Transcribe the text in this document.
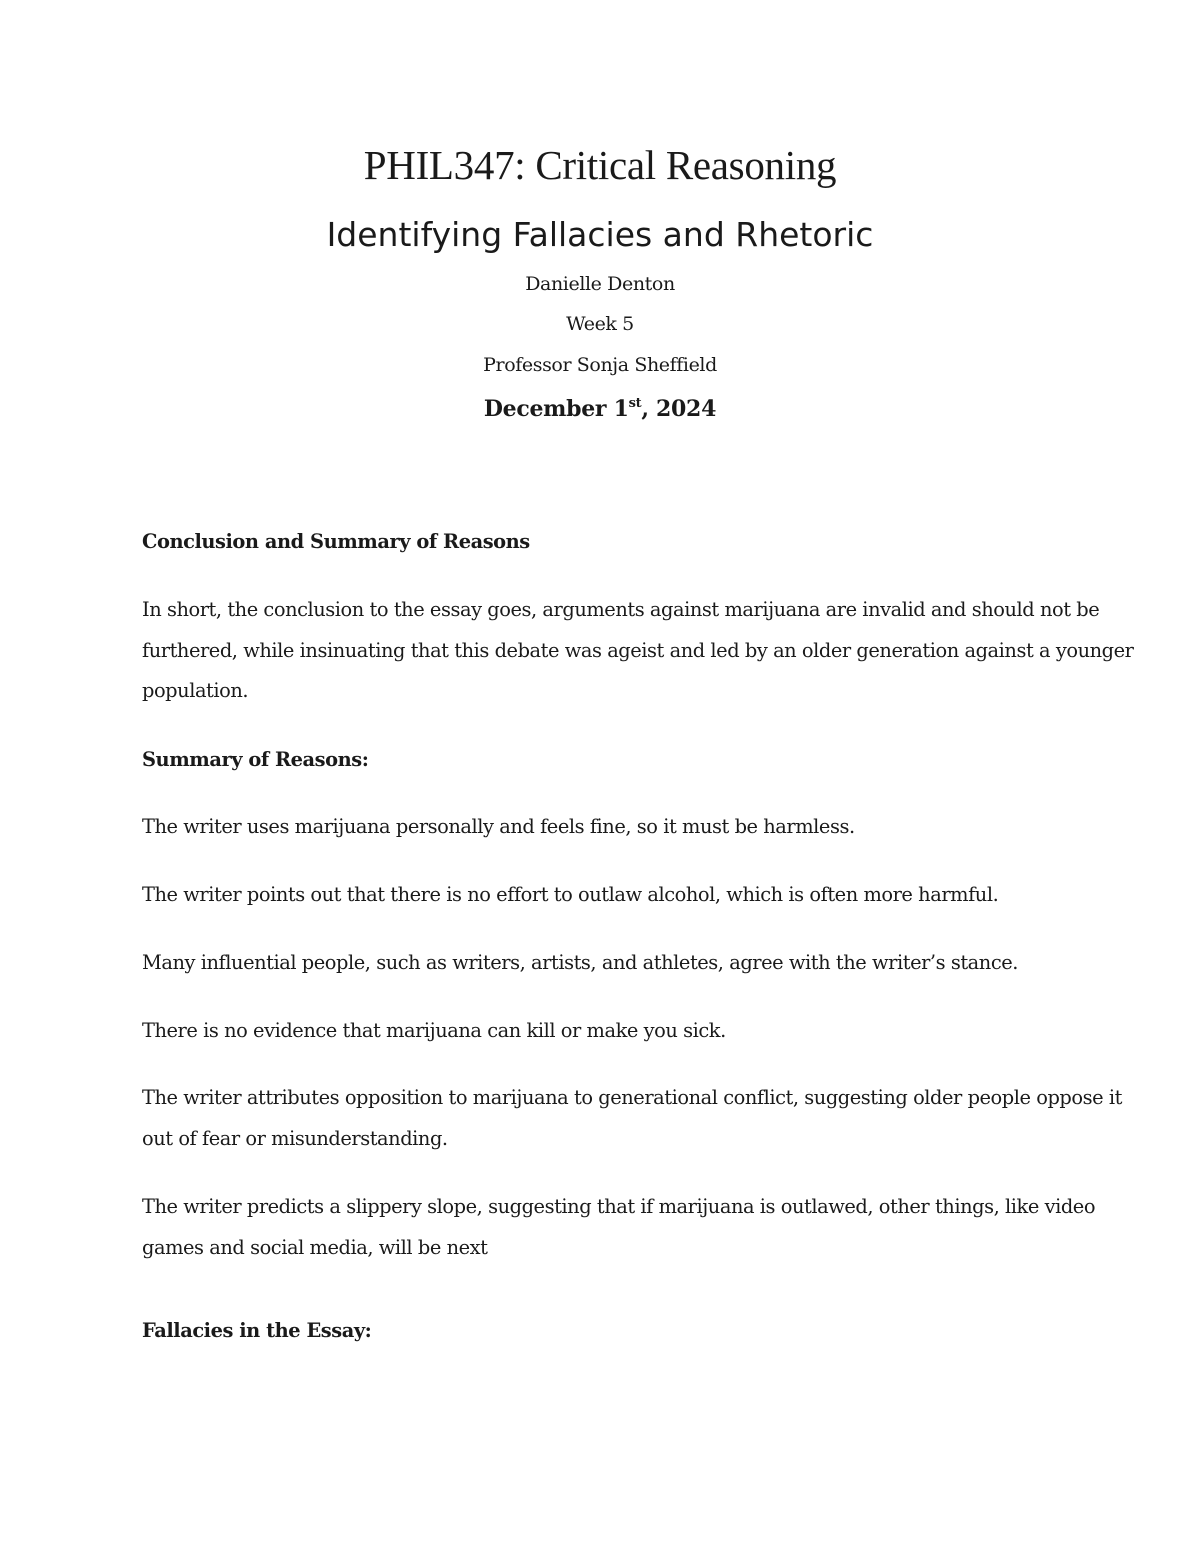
PHIL347: Critical Reasoning
Identifying Fallacies and Rhetoric
Danielle Denton
Week 5
Professor Sonja Sheffield
December 1st, 2024
Conclusion and Summary of Reasons
In short, the conclusion to the essay goes, arguments against marijuana are invalid and should not be
furthered, while insinuating that this debate was ageist and led by an older generation against a younger
population.
Summary of Reasons:
The writer uses marijuana personally and feels fine, so it must be harmless.
The writer points out that there is no effort to outlaw alcohol, which is often more harmful.
Many influential people, such as writers, artists, and athletes, agree with the writer’s stance.
There is no evidence that marijuana can kill or make you sick.
The writer attributes opposition to marijuana to generational conflict, suggesting older people oppose it
out of fear or misunderstanding.
The writer predicts a slippery slope, suggesting that if marijuana is outlawed, other things, like video
games and social media, will be next
Fallacies in the Essay:
